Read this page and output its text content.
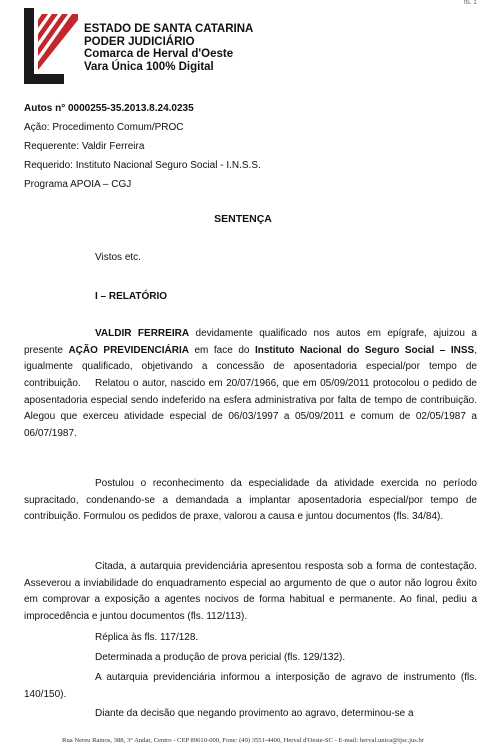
fls. 1
ESTADO DE SANTA CATARINA
PODER JUDICIÁRIO
Comarca de Herval d'Oeste
Vara Única 100% Digital
Autos n° 0000255-35.2013.8.24.0235
Ação: Procedimento Comum/PROC
Requerente: Valdir Ferreira
Requerido: Instituto Nacional Seguro Social - I.N.S.S.
Programa APOIA – CGJ
SENTENÇA
Vistos etc.
I – RELATÓRIO

VALDIR FERREIRA devidamente qualificado nos autos em epígrafe, ajuizou a presente AÇÃO PREVIDENCIÁRIA em face do Instituto Nacional do Seguro Social – INSS, igualmente qualificado, objetivando a concessão de aposentadoria especial/por tempo de contribuição.	Relatou o autor, nascido em 20/07/1966, que em 05/09/2011 protocolou o pedido de aposentadoria especial sendo indeferido na esfera administrativa por falta de tempo de contribuição. Alegou que exerceu atividade especial de 06/03/1997 a 05/09/2011 e comum de 02/05/1987 a 06/07/1987.

Postulou o reconhecimento da especialidade da atividade exercida no período supracitado, condenando-se a demandada a implantar aposentadoria especial/por tempo de contribuição. Formulou os pedidos de praxe, valorou a causa e juntou documentos (fls. 34/84).

Citada, a autarquia previdenciária apresentou resposta sob a forma de contestação. Asseverou a inviabilidade do enquadramento especial ao argumento de que o autor não logrou êxito em comprovar a exposição a agentes nocivos de forma habitual e permanente. Ao final, pediu a improcedência e juntou documentos (fls. 112/113).

Réplica às fls. 117/128.

Determinada a produção de prova pericial (fls. 129/132).

A autarquia previdenciária informou a interposição de agravo de instrumento (fls. 140/150).

Diante da decisão que negando provimento ao agravo, determinou-se a

Rua Nereu Ramos, 388, 3° Andar, Centro - CEP 89610-000, Fone: (49) 3551-4400, Herval d'Oeste-SC - E-mail: herval.unica@tjsc.jus.br
